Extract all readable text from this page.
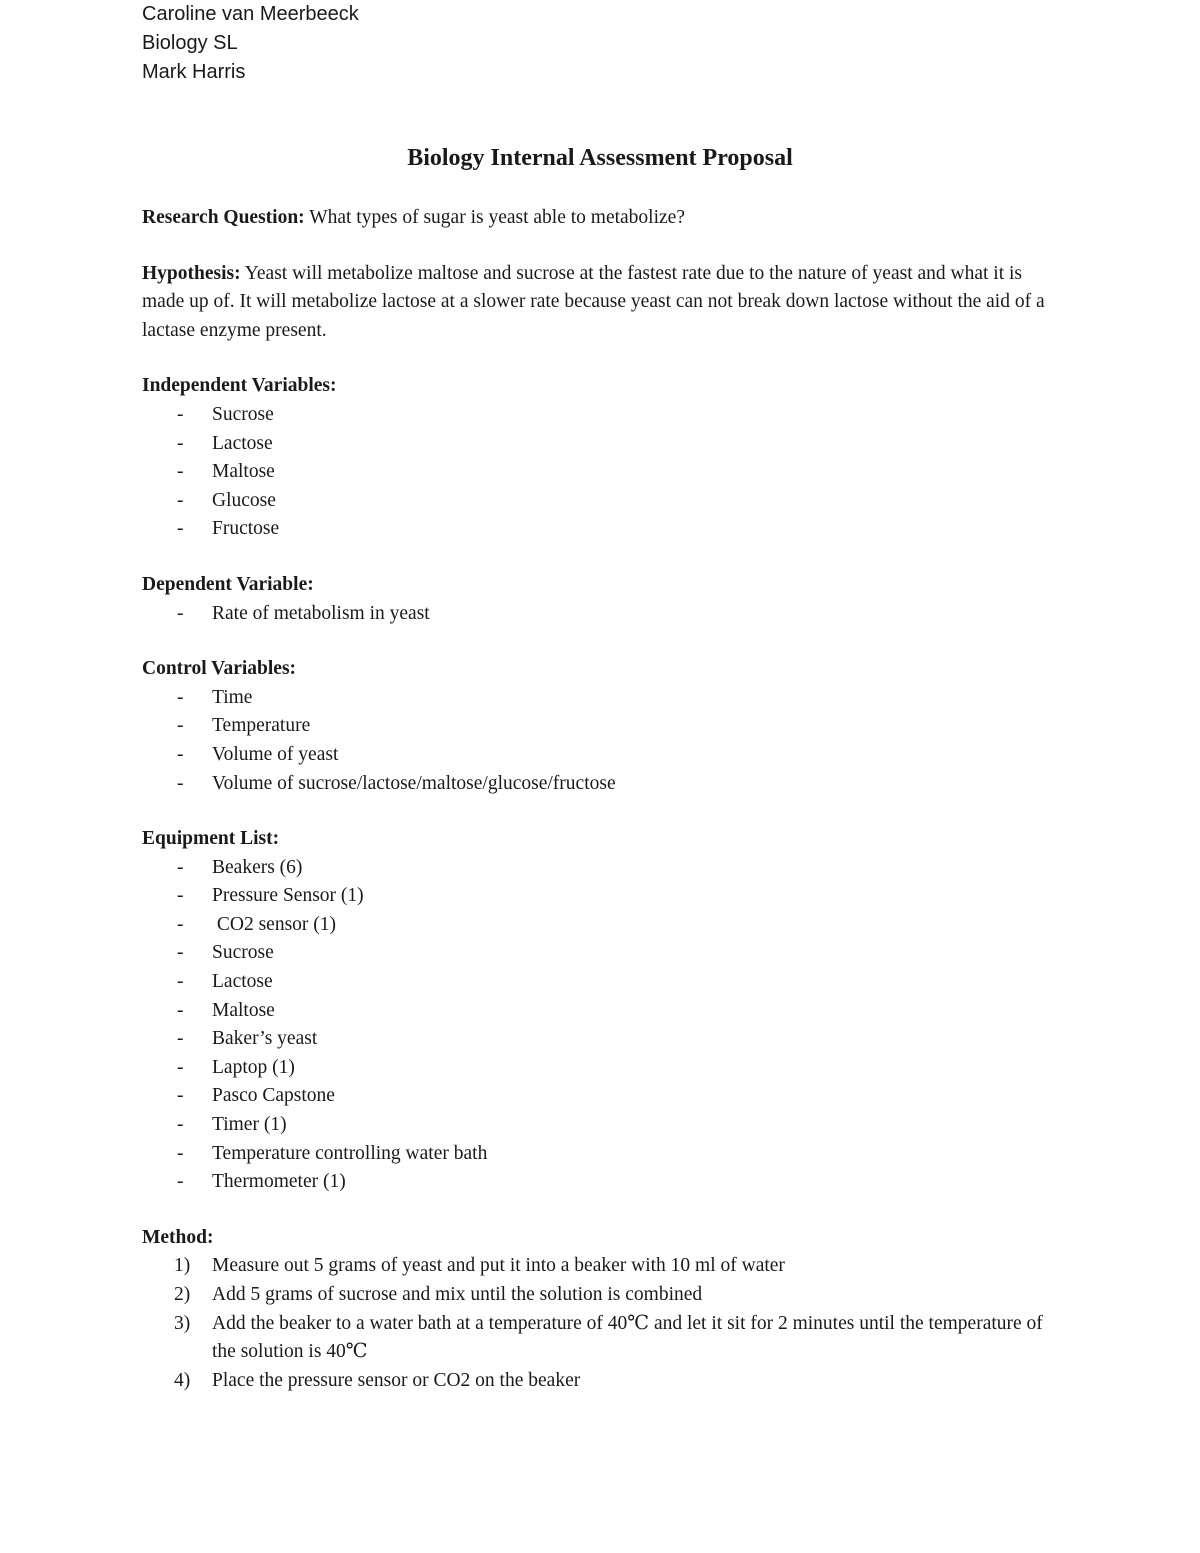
Caroline van Meerbeeck
Biology SL
Mark Harris
Biology Internal Assessment Proposal

Research Question: What types of sugar is yeast able to metabolize?

Hypothesis: Yeast will metabolize maltose and sucrose at the fastest rate due to the nature of yeast and what it is made up of. It will metabolize lactose at a slower rate because yeast can not break down lactose without the aid of a lactase enzyme present.

Independent Variables:

- Sucrose
- Lactose
- Maltose
- Glucose
- Fructose

Dependent Variable:

- Rate of metabolism in yeast

Control Variables:

- Time
- Temperature
- Volume of yeast
- Volume of sucrose/lactose/maltose/glucose/fructose

Equipment List:

- Beakers (6)
- Pressure Sensor (1)
- CO2 sensor (1)
- Sucrose
- Lactose
- Maltose
- Baker’s yeast
- Laptop (1)
- Pasco Capstone
- Timer (1)
- Temperature controlling water bath
- Thermometer (1)

Method:

1) Measure out 5 grams of yeast and put it into a beaker with 10 ml of water
2) Add 5 grams of sucrose and mix until the solution is combined
3) Add the beaker to a water bath at a temperature of 40℃ and let it sit for 2 minutes until the temperature of the solution is 40℃
4) Place the pressure sensor or CO2 on the beaker
